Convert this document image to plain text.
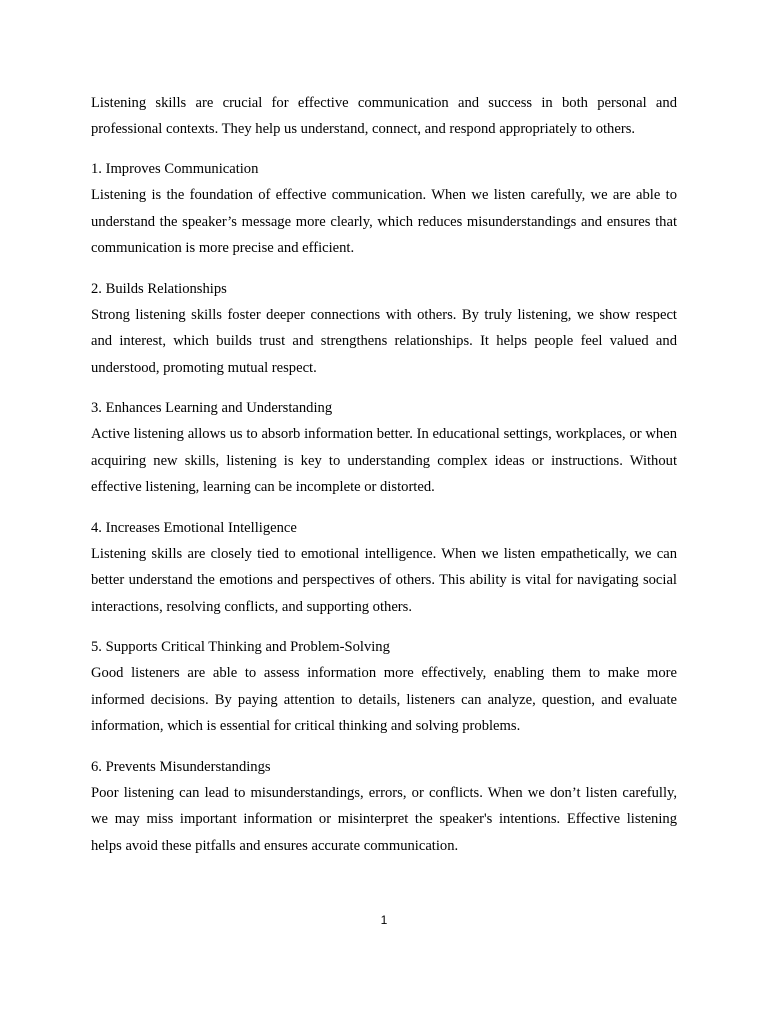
Listening skills are crucial for effective communication and success in both personal and professional contexts. They help us understand, connect, and respond appropriately to others.

1. Improves Communication

Listening is the foundation of effective communication. When we listen carefully, we are able to understand the speaker’s message more clearly, which reduces misunderstandings and ensures that communication is more precise and efficient.

2. Builds Relationships

Strong listening skills foster deeper connections with others. By truly listening, we show respect and interest, which builds trust and strengthens relationships. It helps people feel valued and understood, promoting mutual respect.

3. Enhances Learning and Understanding

Active listening allows us to absorb information better. In educational settings, workplaces, or when acquiring new skills, listening is key to understanding complex ideas or instructions. Without effective listening, learning can be incomplete or distorted.

4. Increases Emotional Intelligence

Listening skills are closely tied to emotional intelligence. When we listen empathetically, we can better understand the emotions and perspectives of others. This ability is vital for navigating social interactions, resolving conflicts, and supporting others.

5. Supports Critical Thinking and Problem-Solving

Good listeners are able to assess information more effectively, enabling them to make more informed decisions. By paying attention to details, listeners can analyze, question, and evaluate information, which is essential for critical thinking and solving problems.

6. Prevents Misunderstandings

Poor listening can lead to misunderstandings, errors, or conflicts. When we don’t listen carefully, we may miss important information or misinterpret the speaker's intentions. Effective listening helps avoid these pitfalls and ensures accurate communication.

1
